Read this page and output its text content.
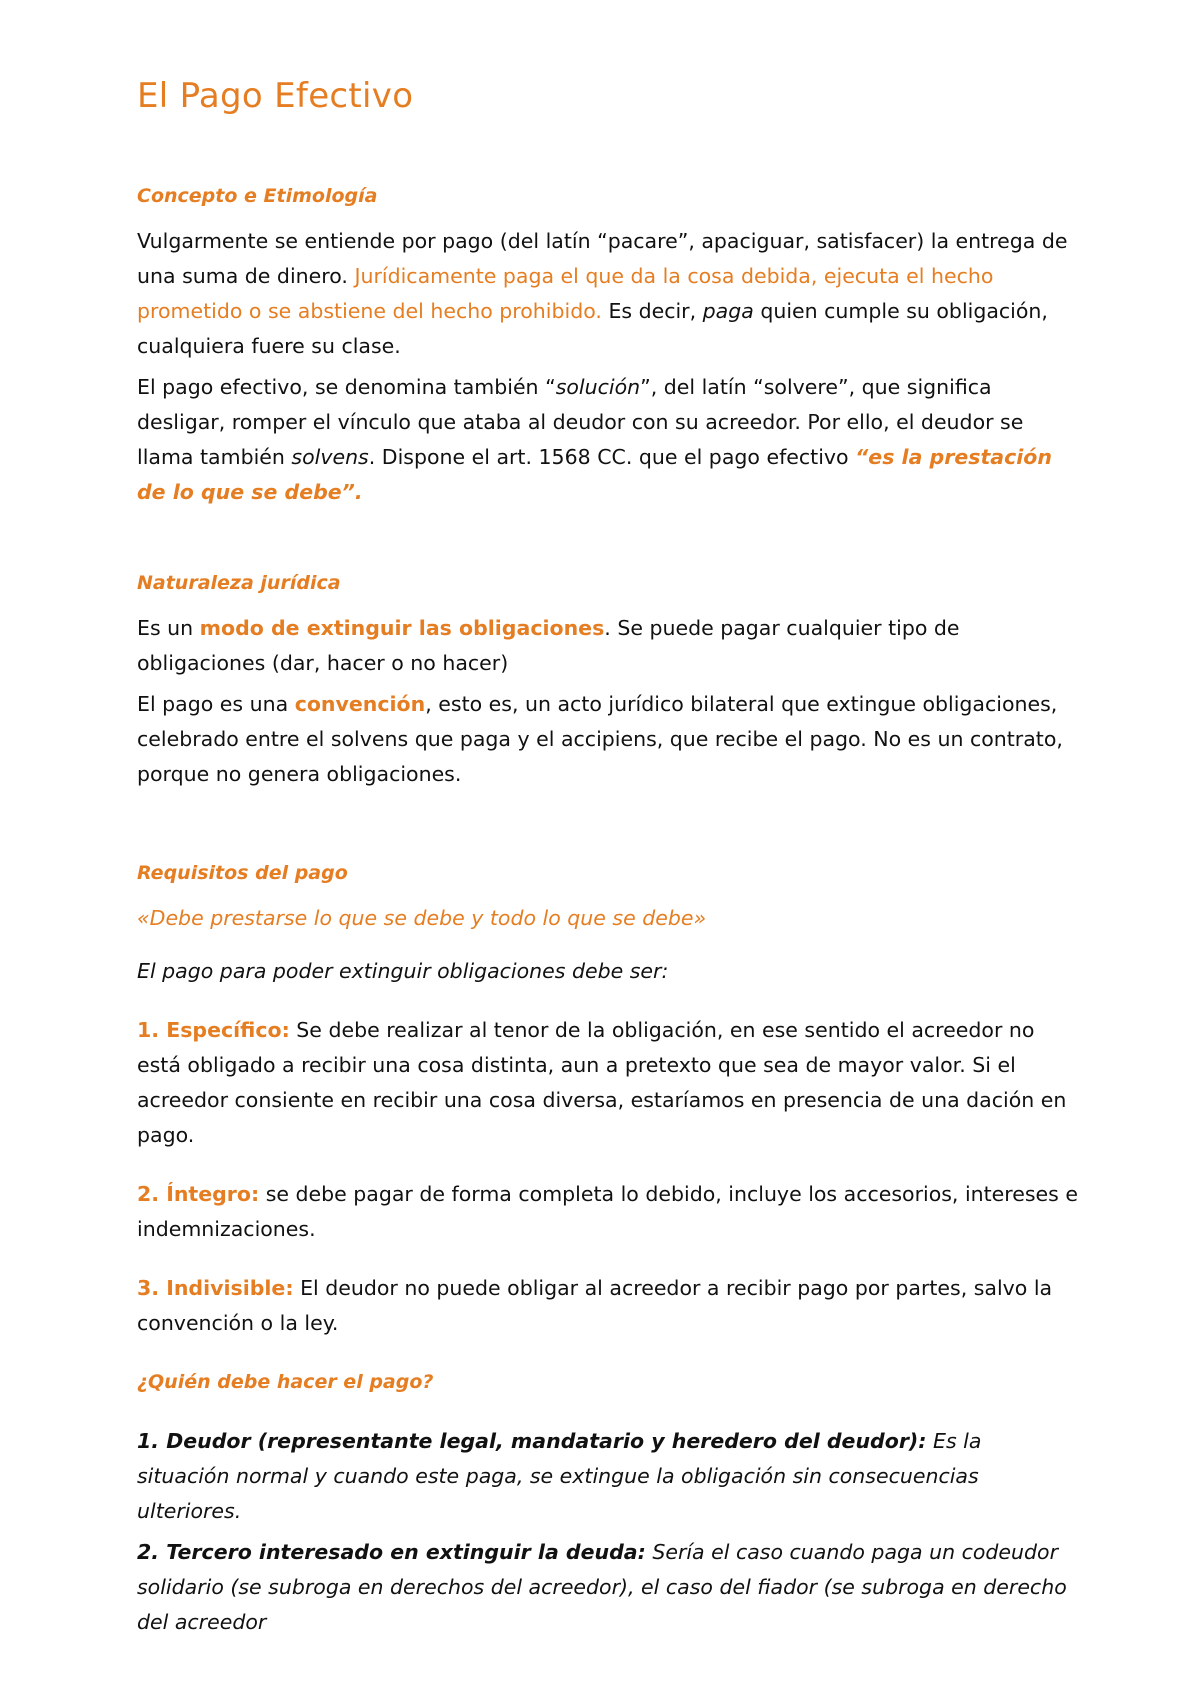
El Pago Efectivo
Concepto e Etimología

Vulgarmente se entiende por pago (del latín “pacare”, apaciguar, satisfacer) la entrega de una suma de dinero. Jurídicamente paga el que da la cosa debida, ejecuta el hecho prometido o se abstiene del hecho prohibido. Es decir, paga quien cumple su obligación, cualquiera fuere su clase.

El pago efectivo, se denomina también “solución”, del latín “solvere”, que significa desligar, romper el vínculo que ataba al deudor con su acreedor. Por ello, el deudor se llama también solvens. Dispone el art. 1568 CC. que el pago efectivo “es la prestación de lo que se debe”.

Naturaleza jurídica

Es un modo de extinguir las obligaciones. Se puede pagar cualquier tipo de obligaciones (dar, hacer o no hacer)

El pago es una convención, esto es, un acto jurídico bilateral que extingue obligaciones, celebrado entre el solvens que paga y el accipiens, que recibe el pago. No es un contrato, porque no genera obligaciones.

Requisitos del pago

«Debe prestarse lo que se debe y todo lo que se debe»

El pago para poder extinguir obligaciones debe ser:

1. Específico: Se debe realizar al tenor de la obligación, en ese sentido el acreedor no está obligado a recibir una cosa distinta, aun a pretexto que sea de mayor valor. Si el acreedor consiente en recibir una cosa diversa, estaríamos en presencia de una dación en pago.

2. Íntegro: se debe pagar de forma completa lo debido, incluye los accesorios, intereses e indemnizaciones.

3. Indivisible: El deudor no puede obligar al acreedor a recibir pago por partes, salvo la convención o la ley.

¿Quién debe hacer el pago?

1. Deudor (representante legal, mandatario y heredero del deudor): Es la situación normal y cuando este paga, se extingue la obligación sin consecuencias ulteriores.

2. Tercero interesado en extinguir la deuda: Sería el caso cuando paga un codeudor solidario (se subroga en derechos del acreedor), el caso del fiador (se subroga en derecho del acreedor
